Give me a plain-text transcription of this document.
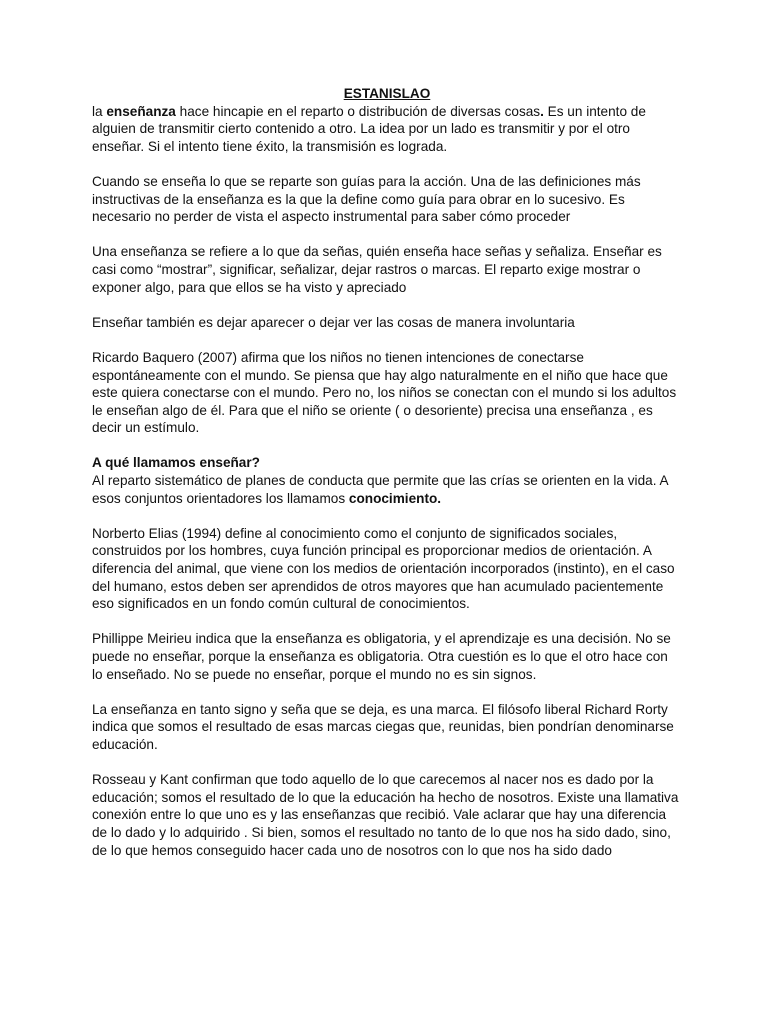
ESTANISLAO

la enseñanza hace hincapie en el reparto o distribución de diversas cosas. Es un intento de alguien de transmitir cierto contenido a otro. La idea por un lado es transmitir y por el otro enseñar. Si el intento tiene éxito, la transmisión es lograda.

Cuando se enseña lo que se reparte son guías para la acción. Una de las definiciones más instructivas de la enseñanza es la que la define como guía para obrar en lo sucesivo. Es necesario no perder de vista el aspecto instrumental para saber cómo proceder

Una enseñanza se refiere a lo que da señas, quién enseña hace señas y señaliza. Enseñar es casi como “mostrar”, significar, señalizar, dejar rastros o marcas. El reparto exige mostrar o exponer algo, para que ellos se ha visto y apreciado

Enseñar también es dejar aparecer o dejar ver las cosas de manera involuntaria

Ricardo Baquero (2007) afirma que los niños no tienen intenciones de conectarse espontáneamente con el mundo. Se piensa que hay algo naturalmente en el niño que hace que este quiera conectarse con el mundo. Pero no, los niños se conectan con el mundo si los adultos le enseñan algo de él. Para que el niño se oriente ( o desoriente) precisa una enseñanza , es decir un estímulo.

A qué llamamos enseñar?

Al reparto sistemático de planes de conducta que permite que las crías se orienten en la vida. A esos conjuntos orientadores los llamamos conocimiento.

Norberto Elias (1994) define al conocimiento como el conjunto de significados sociales, construidos por los hombres, cuya función principal es proporcionar medios de orientación. A diferencia del animal, que viene con los medios de orientación incorporados (instinto), en el caso del humano, estos deben ser aprendidos de otros mayores que han acumulado pacientemente eso significados en un fondo común cultural de conocimientos.

Phillippe Meirieu indica que la enseñanza es obligatoria, y el aprendizaje es una decisión. No se puede no enseñar, porque la enseñanza es obligatoria. Otra cuestión es lo que el otro hace con lo enseñado. No se puede no enseñar, porque el mundo no es sin signos.

La enseñanza en tanto signo y seña que se deja, es una marca. El filósofo liberal Richard Rorty indica que somos el resultado de esas marcas ciegas que, reunidas, bien pondrían denominarse educación.

Rosseau y Kant confirman que todo aquello de lo que carecemos al nacer nos es dado por la educación; somos el resultado de lo que la educación ha hecho de nosotros. Existe una llamativa conexión entre lo que uno es y las enseñanzas que recibió. Vale aclarar que hay una diferencia de lo dado y lo adquirido . Si bien, somos el resultado no tanto de lo que nos ha sido dado, sino, de lo que hemos conseguido hacer cada uno de nosotros con lo que nos ha sido dado
